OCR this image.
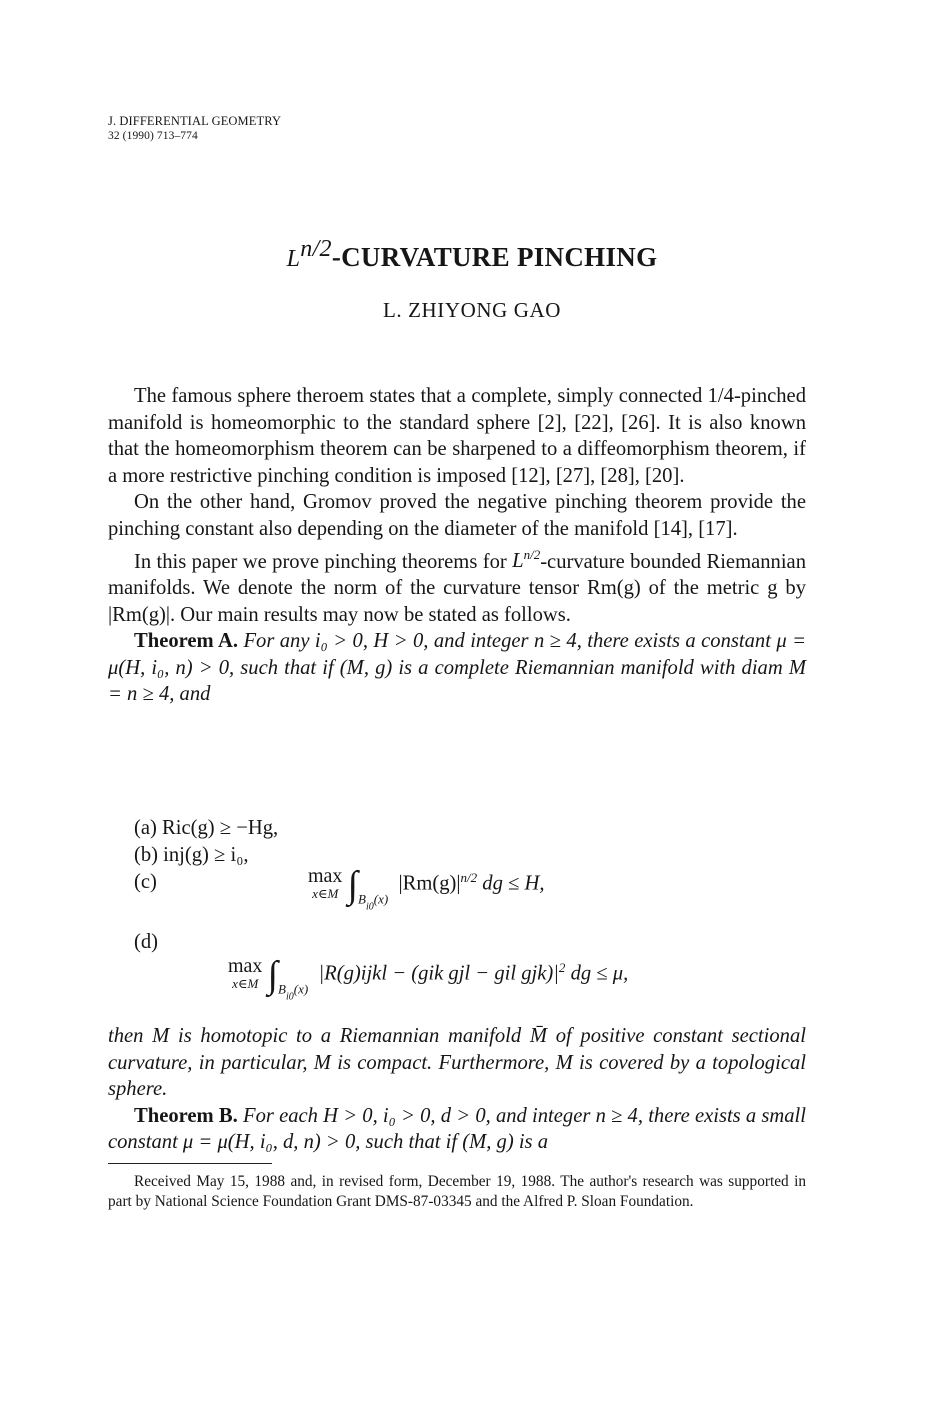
J. DIFFERENTIAL GEOMETRY
32 (1990) 713–774
$L^{n/2}$-CURVATURE PINCHING
L. ZHIYONG GAO

The famous sphere theroem states that a complete, simply connected 1/4-pinched manifold is homeomorphic to the standard sphere [2], [22], [26]. It is also known that the homeomorphism theorem can be sharpened to a diffeomorphism theorem, if a more restrictive pinching condition is imposed [12], [27], [28], [20].

On the other hand, Gromov proved the negative pinching theorem provide the pinching constant also depending on the diameter of the manifold [14], [17].

In this paper we prove pinching theorems for $L^{n/2}$-curvature bounded Riemannian manifolds. We denote the norm of the curvature tensor Rm(g) of the metric g by |Rm(g)|. Our main results may now be stated as follows.

Theorem A. For any i₀ > 0, H > 0, and integer n ≥ 4, there exists a constant μ = μ(H, i₀, n) > 0, such that if (M, g) is a complete Riemannian manifold with diam M = n ≥ 4, and

(a) Ric(g) ≥ −Hg,
(b) inj(g) ≥ i₀,
(c)	max
x∈M $\int_{Bi0(x)}$  $|Rm(g)|^{n/2}$ dg ≤ H,
(d)
max
x∈M $\int_{Bi0(x)}$  |R(g)ijkl − (gik gjl − gil $gjk)|^2$ dg ≤ μ,

then M is homotopic to a Riemannian manifold M̄ of positive constant sectional curvature, in particular, M is compact. Furthermore, M is covered by a topological sphere.

Theorem B. For each H > 0, i₀ > 0, d > 0, and integer n ≥ 4, there exists a small constant μ = μ(H, i₀, d, n) > 0, such that if (M, g) is a

Received May 15, 1988 and, in revised form, December 19, 1988. The author's research was supported in part by National Science Foundation Grant DMS-87-03345 and the Alfred P. Sloan Foundation.
